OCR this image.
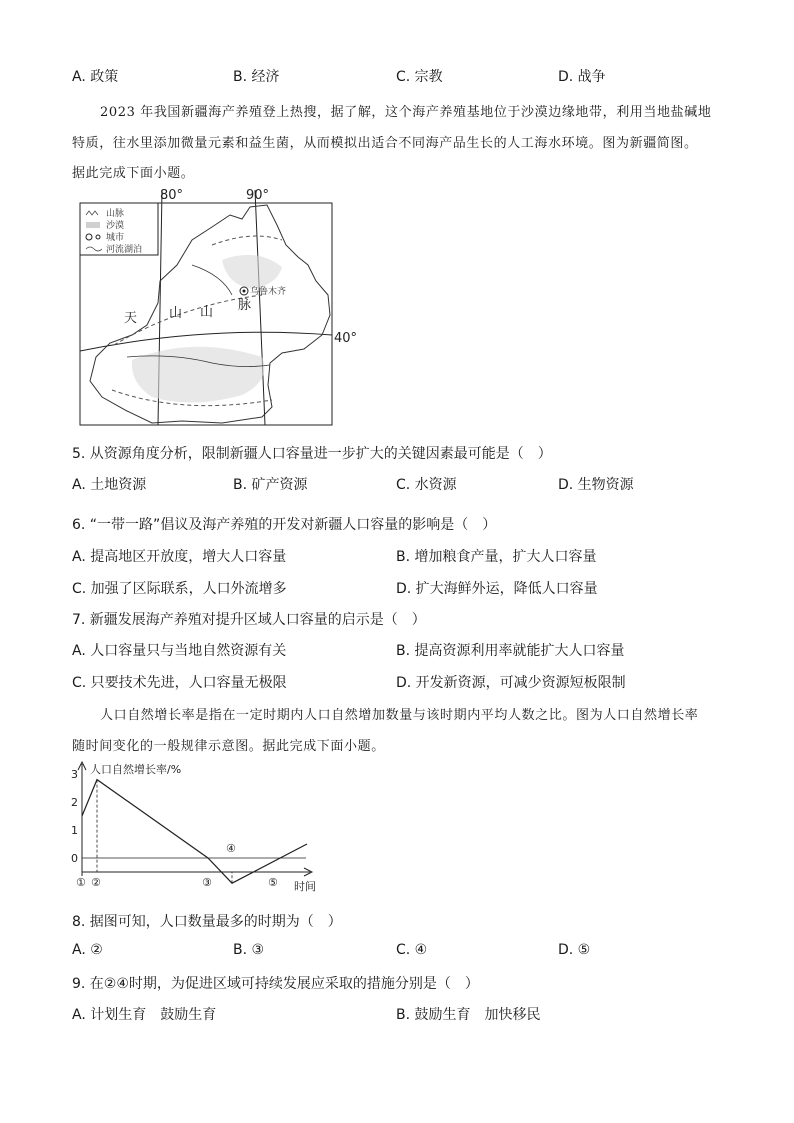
A. 政策	B. 经济	C. 宗教	D. 战争
2023 年我国新疆海产养殖登上热搜，据了解，这个海产养殖基地位于沙漠边缘地带，利用当地盐碱地
特质，往水里添加微量元素和益生菌，从而模拟出适合不同海产品生长的人工海水环境。图为新疆简图。
据此完成下面小题。
80°	90°
40°
天 山 山 脉
乌鲁木齐
山脉
沙漠
城市
河流湖泊
5. 从资源角度分析，限制新疆人口容量进一步扩大的关键因素最可能是（　）
A. 土地资源	B. 矿产资源	C. 水资源	D. 生物资源
6. “一带一路”倡议及海产养殖的开发对新疆人口容量的影响是（　）
A. 提高地区开放度，增大人口容量	B. 增加粮食产量，扩大人口容量
C. 加强了区际联系，人口外流增多	D. 扩大海鲜外运，降低人口容量
7. 新疆发展海产养殖对提升区域人口容量的启示是（　）
A. 人口容量只与当地自然资源有关	B. 提高资源利用率就能扩大人口容量
C. 只要技术先进，人口容量无极限	D. 开发新资源，可减少资源短板限制
人口自然增长率是指在一定时期内人口自然增加数量与该时期内平均人数之比。图为人口自然增长率
随时间变化的一般规律示意图。据此完成下面小题。
人口自然增长率/%
时间
3
2
1
0
① ②	③
④
⑤
8. 据图可知，人口数量最多的时期为（　）
A. ②	B. ③	C. ④	D. ⑤
9. 在②④时期，为促进区域可持续发展应采取的措施分别是（　）
A. 计划生育　鼓励生育	B. 鼓励生育　加快移民
